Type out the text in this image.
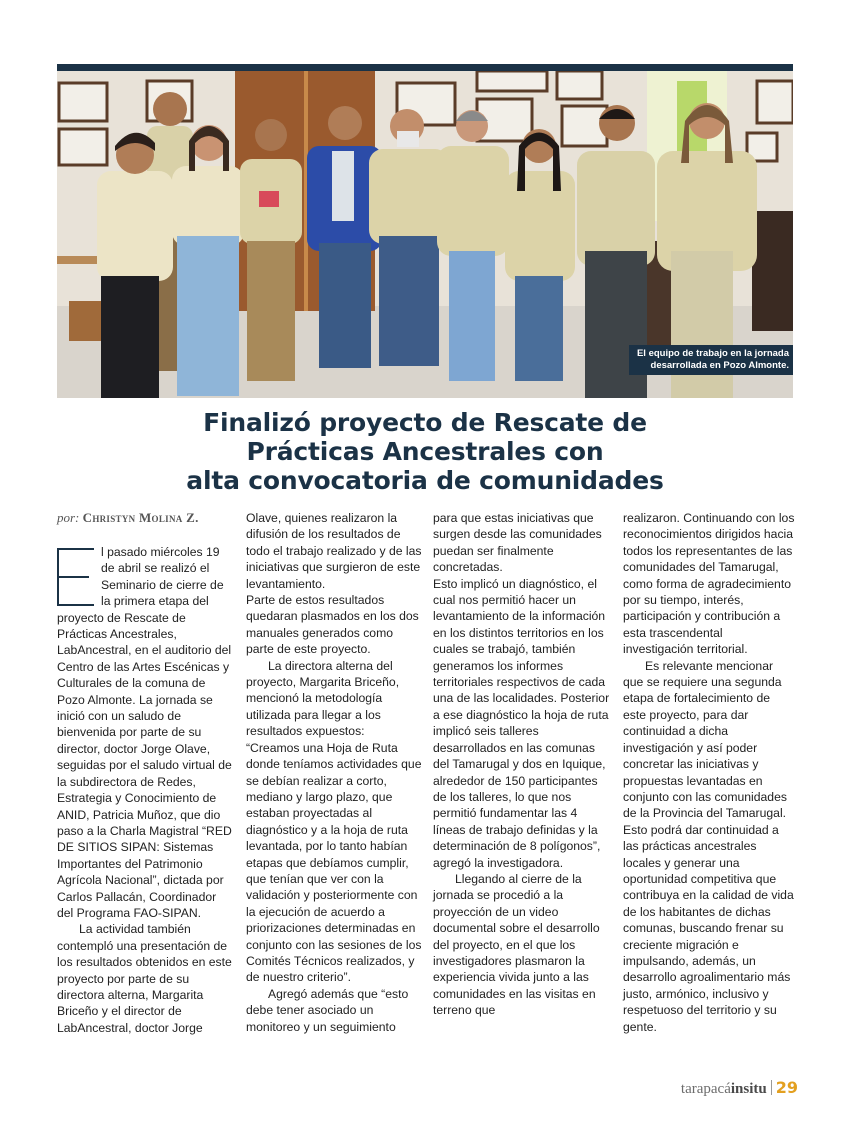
El equipo de trabajo en la jornada
desarrollada en Pozo Almonte.
Finalizó proyecto de Rescate de
Prácticas Ancestrales con
alta convocatoria de comunidades
por: Christyn Molina Z.

l pasado miércoles 19 de abril se realizó el Seminario de cierre de la primera etapa del proyecto de Rescate de Prácticas Ancestrales, LabAncestral, en el auditorio del Centro de las Artes Escénicas y Culturales de la comuna de Pozo Almonte. La jornada se inició con un saludo de bienvenida por parte de su director, doctor Jorge Olave, seguidas por el saludo virtual de la subdirectora de Redes, Estrategia y Conocimiento de ANID, Patricia Muñoz, que dio paso a la Charla Magistral “RED DE SITIOS SIPAN: Sistemas Importantes del Patrimonio Agrícola Nacional”, dictada por Carlos Pallacán, Coordinador del Programa FAO-SIPAN.

La actividad también contempló una presentación de los resultados obtenidos en este proyecto por parte de su directora alterna, Margarita Briceño y el director de LabAncestral, doctor Jorge

Olave, quienes realizaron la difusión de los resultados de todo el trabajo realizado y de las iniciativas que surgieron de este levantamiento.

Parte de estos resultados quedaran plasmados en los dos manuales generados como parte de este proyecto.

La directora alterna del proyecto, Margarita Briceño, mencionó la metodología utilizada para llegar a los resultados expuestos:

“Creamos una Hoja de Ruta donde teníamos actividades que se debían realizar a corto, mediano y largo plazo, que estaban proyectadas al diagnóstico y a la hoja de ruta levantada, por lo tanto habían etapas que debíamos cumplir, que tenían que ver con la validación y posteriormente con la ejecución de acuerdo a priorizaciones determinadas en conjunto con las sesiones de los Comités Técnicos realizados, y de nuestro criterio”.

Agregó además que “esto debe tener asociado un monitoreo y un seguimiento

para que estas iniciativas que surgen desde las comunidades puedan ser finalmente concretadas.

Esto implicó un diagnóstico, el cual nos permitió hacer un levantamiento de la información en los distintos territorios en los cuales se trabajó, también generamos los informes territoriales respectivos de cada una de las localidades. Posterior a ese diagnóstico la hoja de ruta implicó seis talleres desarrollados en las comunas del Tamarugal y dos en Iquique, alrededor de 150 participantes de los talleres, lo que nos permitió fundamentar las 4 líneas de trabajo definidas y la determinación de 8 polígonos”, agregó la investigadora.

Llegando al cierre de la jornada se procedió a la proyección de un video documental sobre el desarrollo del proyecto, en el que los investigadores plasmaron la experiencia vivida junto a las comunidades en las visitas en terreno que

realizaron. Continuando con los reconocimientos dirigidos hacia todos los representantes de las comunidades del Tamarugal, como forma de agradecimiento por su tiempo, interés, participación y contribución a esta trascendental investigación territorial.

Es relevante mencionar que se requiere una segunda etapa de fortalecimiento de este proyecto, para dar continuidad a dicha investigación y así poder concretar las iniciativas y propuestas levantadas en conjunto con las comunidades de la Provincia del Tamarugal. Esto podrá dar continuidad a las prácticas ancestrales locales y generar una oportunidad competitiva que contribuya en la calidad de vida de los habitantes de dichas comunas, buscando frenar su creciente migración e impulsando, además, un desarrollo agroalimentario más justo, armónico, inclusivo y respetuoso del territorio y su gente.

tarapacáinsitu 29
